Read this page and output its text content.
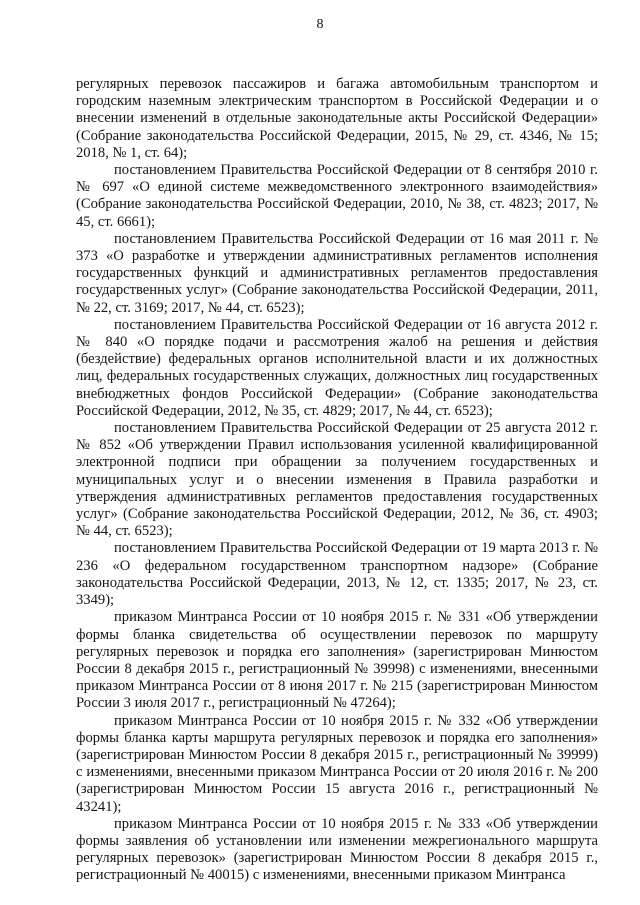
8

регулярных перевозок пассажиров и багажа автомобильным транспортом и городским наземным электрическим транспортом в Российской Федерации и о внесении изменений в отдельные законодательные акты Российской Федерации» (Собрание законодательства Российской Федерации, 2015, № 29, ст. 4346, № 15; 2018, № 1, ст. 64);

постановлением Правительства Российской Федерации от 8 сентября 2010 г. № 697 «О единой системе межведомственного электронного взаимодействия» (Собрание законодательства Российской Федерации, 2010, № 38, ст. 4823; 2017, № 45, ст. 6661);

постановлением Правительства Российской Федерации от 16 мая 2011 г. № 373 «О разработке и утверждении административных регламентов исполнения государственных функций и административных регламентов предоставления государственных услуг» (Собрание законодательства Российской Федерации, 2011, № 22, ст. 3169; 2017, № 44, ст. 6523);

постановлением Правительства Российской Федерации от 16 августа 2012 г. № 840 «О порядке подачи и рассмотрения жалоб на решения и действия (бездействие) федеральных органов исполнительной власти и их должностных лиц, федеральных государственных служащих, должностных лиц государственных внебюджетных фондов Российской Федерации» (Собрание законодательства Российской Федерации, 2012, № 35, ст. 4829; 2017, № 44, ст. 6523);

постановлением Правительства Российской Федерации от 25 августа 2012 г. № 852 «Об утверждении Правил использования усиленной квалифицированной электронной подписи при обращении за получением государственных и муниципальных услуг и о внесении изменения в Правила разработки и утверждения административных регламентов предоставления государственных услуг» (Собрание законодательства Российской Федерации, 2012, № 36, ст. 4903; № 44, ст. 6523);

постановлением Правительства Российской Федерации от 19 марта 2013 г. № 236 «О федеральном государственном транспортном надзоре» (Собрание законодательства Российской Федерации, 2013, № 12, ст. 1335; 2017, № 23, ст. 3349);

приказом Минтранса России от 10 ноября 2015 г. № 331 «Об утверждении формы бланка свидетельства об осуществлении перевозок по маршруту регулярных перевозок и порядка его заполнения» (зарегистрирован Минюстом России 8 декабря 2015 г., регистрационный № 39998) с изменениями, внесенными приказом Минтранса России от 8 июня 2017 г. № 215 (зарегистрирован Минюстом России 3 июля 2017 г., регистрационный № 47264);

приказом Минтранса России от 10 ноября 2015 г. № 332 «Об утверждении формы бланка карты маршрута регулярных перевозок и порядка его заполнения» (зарегистрирован Минюстом России 8 декабря 2015 г., регистрационный № 39999) с изменениями, внесенными приказом Минтранса России от 20 июля 2016 г. № 200 (зарегистрирован Минюстом России 15 августа 2016 г., регистрационный № 43241);

приказом Минтранса России от 10 ноября 2015 г. № 333 «Об утверждении формы заявления об установлении или изменении межрегионального маршрута регулярных перевозок» (зарегистрирован Минюстом России 8 декабря 2015 г., регистрационный № 40015) с изменениями, внесенными приказом Минтранса
